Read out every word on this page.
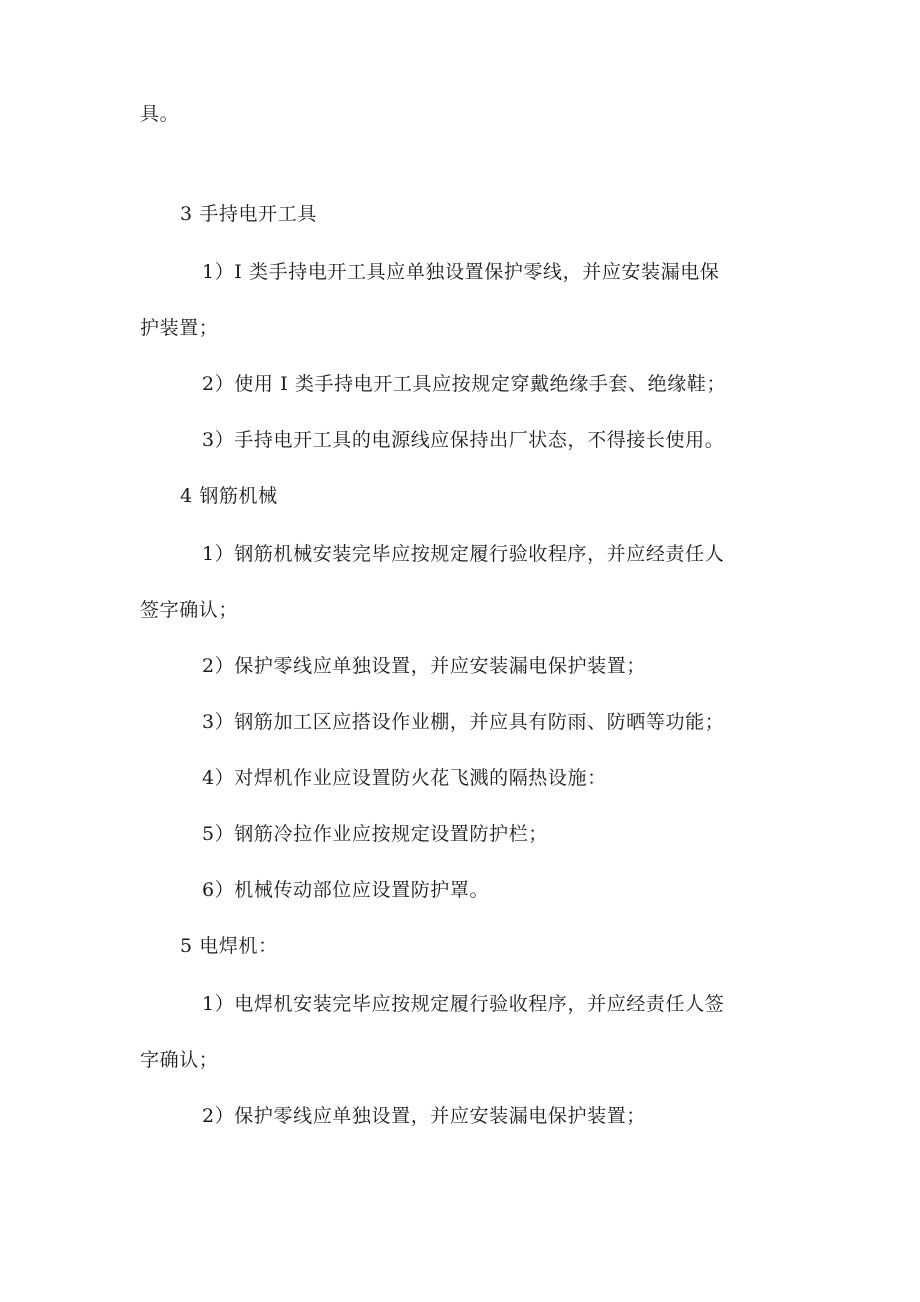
具。
3 手持电开工具
1）I 类手持电开工具应单独设置保护零线，并应安装漏电保
护装置；
2）使用 I 类手持电开工具应按规定穿戴绝缘手套、绝缘鞋；
3）手持电开工具的电源线应保持出厂状态，不得接长使用。
4 钢筋机械
1）钢筋机械安装完毕应按规定履行验收程序，并应经责任人
签字确认；
2）保护零线应单独设置，并应安装漏电保护装置；
3）钢筋加工区应搭设作业棚，并应具有防雨、防晒等功能；
4）对焊机作业应设置防火花飞溅的隔热设施：
5）钢筋冷拉作业应按规定设置防护栏；
6）机械传动部位应设置防护罩。
5 电焊机：
1）电焊机安装完毕应按规定履行验收程序，并应经责任人签
字确认；
2）保护零线应单独设置，并应安装漏电保护装置；
